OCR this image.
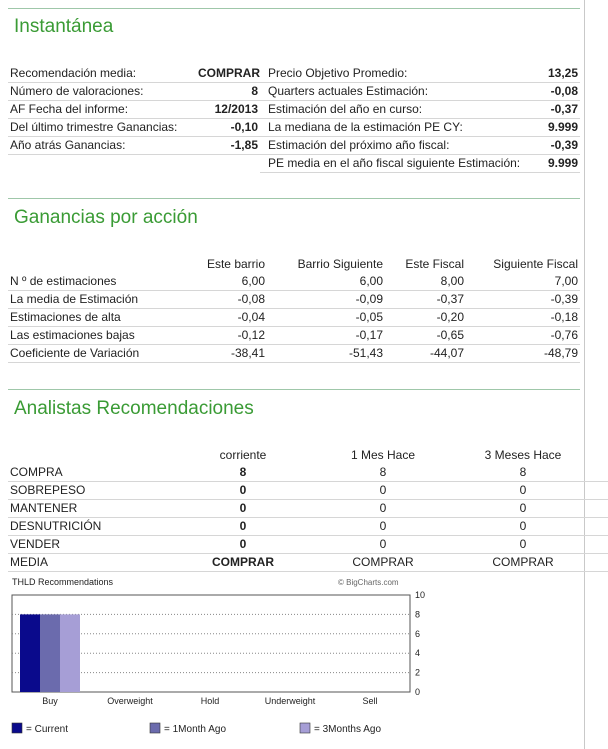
Instantánea
Recomendación media:	COMPRAR	Precio Objetivo Promedio:	13,25
Número de valoraciones:	8	Quarters actuales Estimación:	-0,08
AF Fecha del informe:	12/2013	Estimación del año en curso:	-0,37
Del último trimestre Ganancias:	-0,10	La mediana de la estimación PE CY:	9.999
Año atrás Ganancias:	-1,85	Estimación del próximo año fiscal:	-0,39
		PE media en el año fiscal siguiente Estimación:	9.999
Ganancias por acción
	Este barrio	Barrio Siguiente	Este Fiscal	Siguiente Fiscal
N º de estimaciones	6,00	6,00	8,00	7,00
La media de Estimación	-0,08	-0,09	-0,37	-0,39
Estimaciones de alta	-0,04	-0,05	-0,20	-0,18
Las estimaciones bajas	-0,12	-0,17	-0,65	-0,76
Coeficiente de Variación	-38,41	-51,43	-44,07	-48,79
Analistas Recomendaciones
	corriente	1 Mes Hace	3 Meses Hace
COMPRA	8	8	8
SOBREPESO	0	0	0
MANTENER	0	0	0
DESNUTRICIÓN	0	0	0
VENDER	0	0	0
MEDIA	COMPRAR	COMPRAR	COMPRAR
THLD Recommendations	© BigCharts.com
0
2
4
6
8
10
Buy	Overweight	Hold	Underweight	Sell
= Current	= 1Month Ago	= 3Months Ago
